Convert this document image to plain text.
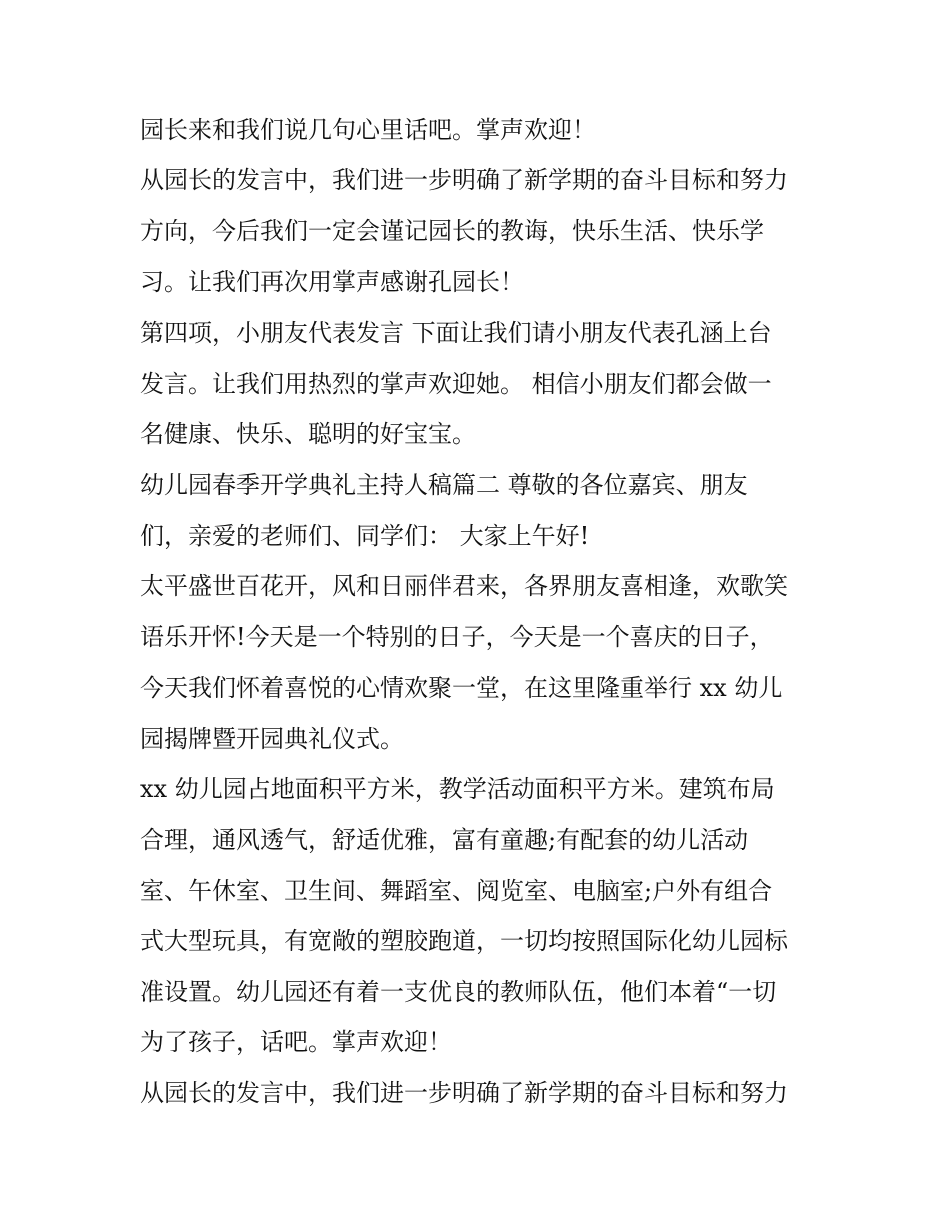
园长来和我们说几句心里话吧。掌声欢迎！
从园长的发言中，我们进一步明确了新学期的奋斗目标和努力
方向，今后我们一定会谨记园长的教诲，快乐生活、快乐学
习。让我们再次用掌声感谢孔园长！
第四项，小朋友代表发言 下面让我们请小朋友代表孔涵上台
发言。让我们用热烈的掌声欢迎她。 相信小朋友们都会做一
名健康、快乐、聪明的好宝宝。
幼儿园春季开学典礼主持人稿篇二 尊敬的各位嘉宾、朋友
们，亲爱的老师们、同学们： 大家上午好!
太平盛世百花开，风和日丽伴君来，各界朋友喜相逢，欢歌笑
语乐开怀!今天是一个特别的日子，今天是一个喜庆的日子，
今天我们怀着喜悦的心情欢聚一堂，在这里隆重举行 xx 幼儿
园揭牌暨开园典礼仪式。
xx 幼儿园占地面积平方米，教学活动面积平方米。建筑布局
合理，通风透气，舒适优雅，富有童趣;有配套的幼儿活动
室、午休室、卫生间、舞蹈室、阅览室、电脑室;户外有组合
式大型玩具，有宽敞的塑胶跑道，一切均按照国际化幼儿园标
准设置。幼儿园还有着一支优良的教师队伍，他们本着“一切
为了孩子，话吧。掌声欢迎！
从园长的发言中，我们进一步明确了新学期的奋斗目标和努力
